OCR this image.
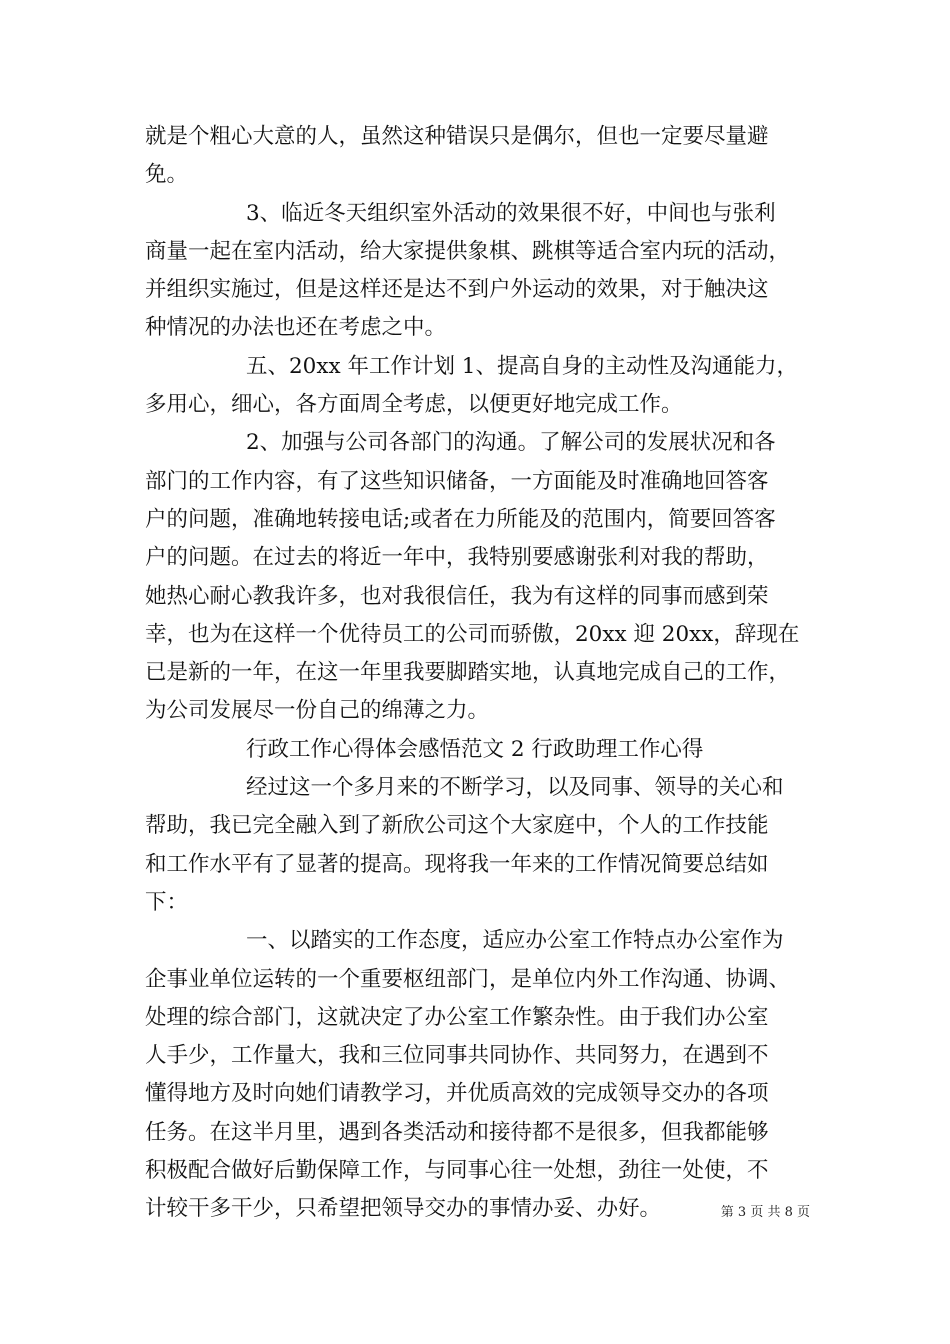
就是个粗心大意的人，虽然这种错误只是偶尔，但也一定要尽量避
免。
3、临近冬天组织室外活动的效果很不好，中间也与张利
商量一起在室内活动，给大家提供象棋、跳棋等适合室内玩的活动，
并组织实施过，但是这样还是达不到户外运动的效果，对于触决这
种情况的办法也还在考虑之中。
五、20xx 年工作计划 1、提高自身的主动性及沟通能力，
多用心，细心，各方面周全考虑，以便更好地完成工作。
2、加强与公司各部门的沟通。了解公司的发展状况和各
部门的工作内容，有了这些知识储备，一方面能及时准确地回答客
户的问题，准确地转接电话;或者在力所能及的范围内，简要回答客
户的问题。在过去的将近一年中，我特别要感谢张利对我的帮助，
她热心耐心教我许多，也对我很信任，我为有这样的同事而感到荣
幸，也为在这样一个优待员工的公司而骄傲，20xx 迎 20xx，辞现在
已是新的一年，在这一年里我要脚踏实地，认真地完成自己的工作，
为公司发展尽一份自己的绵薄之力。
行政工作心得体会感悟范文 2 行政助理工作心得
经过这一个多月来的不断学习，以及同事、领导的关心和
帮助，我已完全融入到了新欣公司这个大家庭中，个人的工作技能
和工作水平有了显著的提高。现将我一年来的工作情况简要总结如
下：
一、以踏实的工作态度，适应办公室工作特点办公室作为
企事业单位运转的一个重要枢纽部门，是单位内外工作沟通、协调、
处理的综合部门，这就决定了办公室工作繁杂性。由于我们办公室
人手少，工作量大，我和三位同事共同协作、共同努力，在遇到不
懂得地方及时向她们请教学习，并优质高效的完成领导交办的各项
任务。在这半月里，遇到各类活动和接待都不是很多，但我都能够
积极配合做好后勤保障工作，与同事心往一处想，劲往一处使，不
计较干多干少，只希望把领导交办的事情办妥、办好。	第 3 页 共 8 页
